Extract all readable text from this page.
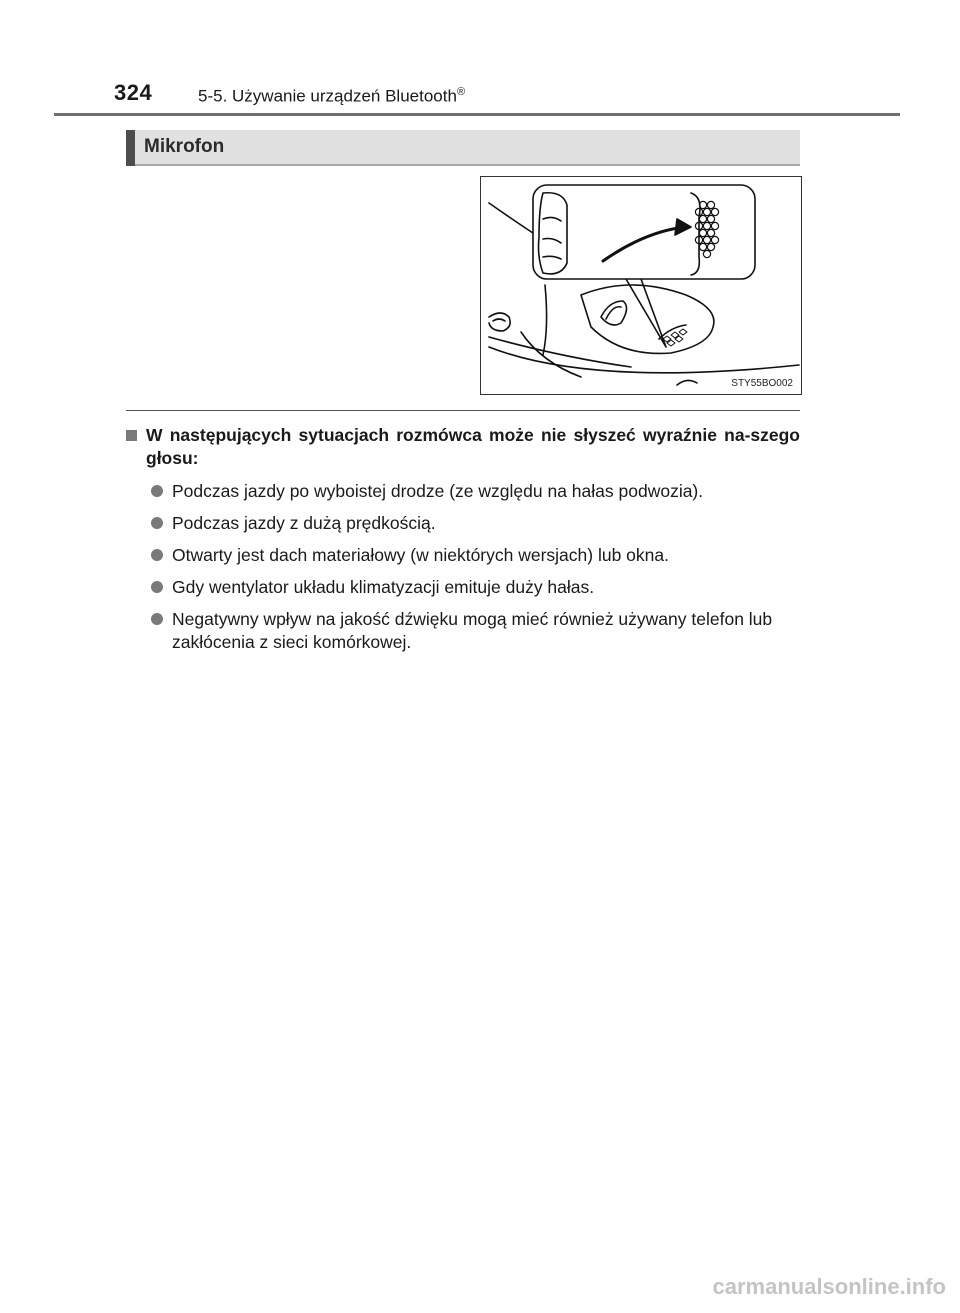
324	5-5. Używanie urządzeń Bluetooth®
Mikrofon
STY55BO002
W następujących sytuacjach rozmówca może nie słyszeć wyraźnie na-szego głosu:
Podczas jazdy po wyboistej drodze (ze względu na hałas podwozia).
Podczas jazdy z dużą prędkością.
Otwarty jest dach materiałowy (w niektórych wersjach) lub okna.
Gdy wentylator układu klimatyzacji emituje duży hałas.
Negatywny wpływ na jakość dźwięku mogą mieć również używany telefon lub zakłócenia z sieci komórkowej.
carmanualsonline.info
